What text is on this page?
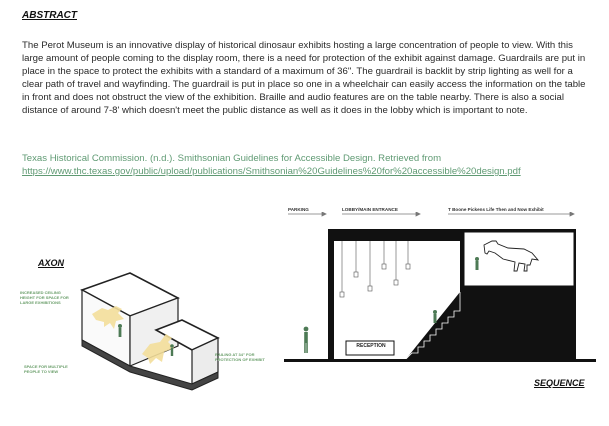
ABSTRACT

The Perot Museum is an innovative display of historical dinosaur exhibits hosting a large concentration of people to view. With this large amount of people coming to the display room, there is a need for protection of the exhibit against damage. Guardrails are put in place in the space to protect the exhibits with a standard of a maximum of 36". The guardrail is backlit by strip lighting as well for a clear path of travel and wayfinding. The guardrail is put in place so one in a wheelchair can easily access the information on the table in front and does not obstruct the view of the exhibition. Braille and audio features are on the table nearby. There is also a social distance of around 7-8' which doesn't meet the public distance as well as it does in the lobby which is important to note.

Texas Historical Commission. (n.d.). Smithsonian Guidelines for Accessible Design. Retrieved from
https://www.thc.texas.gov/public/upload/publications/Smithsonian%20Guidelines%20for%20accessible%20design.pdf

AXON
INCREASED CEILING HEIGHT FOR SPACE FOR LARGE EXHIBITIONS
RAILING AT 34" FOR PROTECTION OF EXHIBIT
SPACE FOR MULTIPLE PEOPLE TO VIEW
PARKING	LOBBY/MAIN ENTRANCE	T Boone Pickens Life Then and Now Exhibit
RECEPTION
SEQUENCE
